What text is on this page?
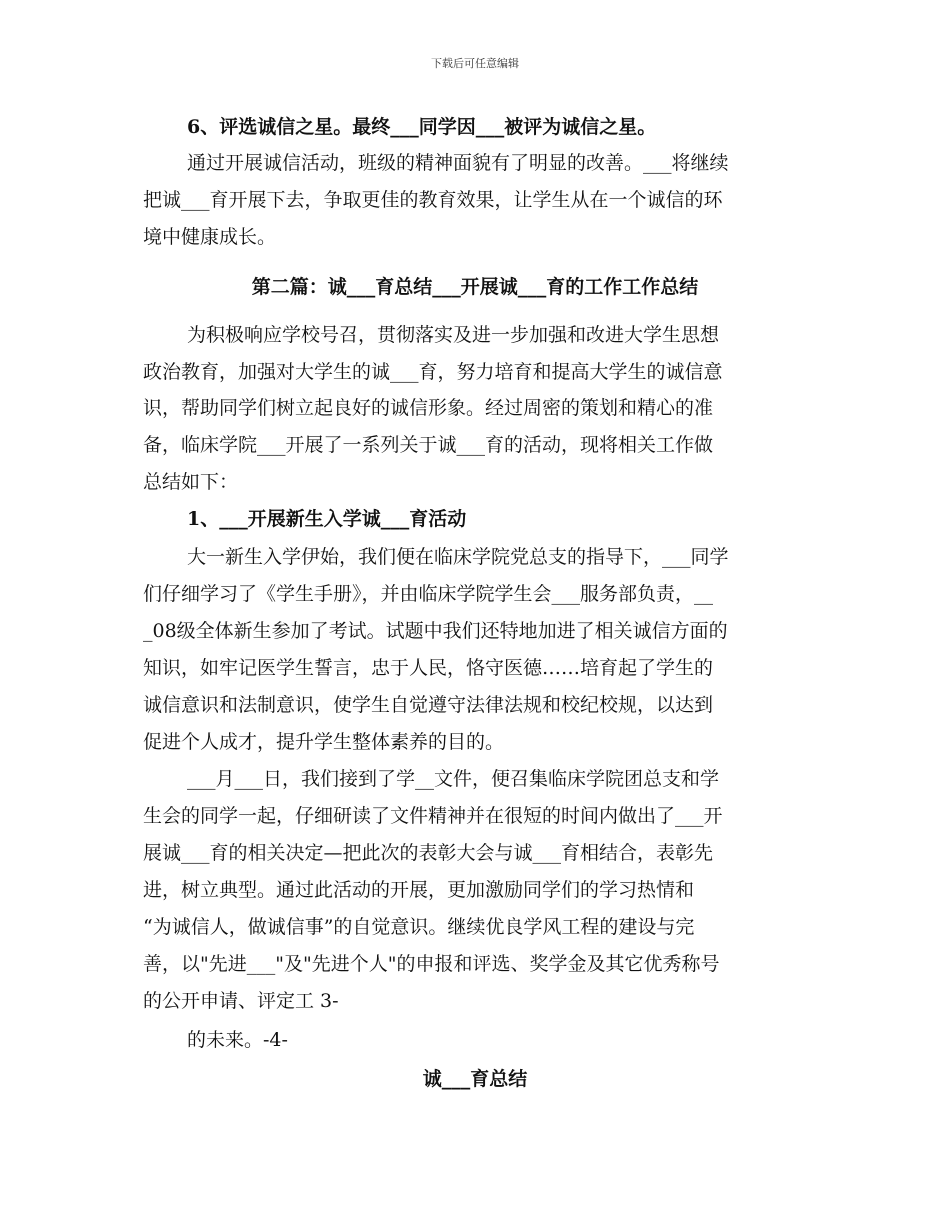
下载后可任意编辑
6、评选诚信之星。最终___同学因___被评为诚信之星。
通过开展诚信活动，班级的精神面貌有了明显的改善。___将继续
把诚___育开展下去，争取更佳的教育效果，让学生从在一个诚信的环
境中健康成长。
第二篇：诚___育总结___开展诚___育的工作工作总结
为积极响应学校号召，贯彻落实及进一步加强和改进大学生思想
政治教育，加强对大学生的诚___育，努力培育和提高大学生的诚信意
识，帮助同学们树立起良好的诚信形象。经过周密的策划和精心的准
备，临床学院___开展了一系列关于诚___育的活动，现将相关工作做
总结如下：
1、___开展新生入学诚___育活动
大一新生入学伊始，我们便在临床学院党总支的指导下，___同学
们仔细学习了《学生手册》，并由临床学院学生会___服务部负责，__
_08级全体新生参加了考试。试题中我们还特地加进了相关诚信方面的
知识，如牢记医学生誓言，忠于人民，恪守医德……培育起了学生的
诚信意识和法制意识，使学生自觉遵守法律法规和校纪校规，以达到
促进个人成才，提升学生整体素养的目的。
___月___日，我们接到了学__文件，便召集临床学院团总支和学
生会的同学一起，仔细研读了文件精神并在很短的时间内做出了___开
展诚___育的相关决定—把此次的表彰大会与诚___育相结合，表彰先
进，树立典型。通过此活动的开展，更加激励同学们的学习热情和
“为诚信人，做诚信事”的自觉意识。继续优良学风工程的建设与完
善，以"先进___"及"先进个人"的申报和评选、奖学金及其它优秀称号
的公开申请、评定工 3-
的未来。-4-
诚___育总结
